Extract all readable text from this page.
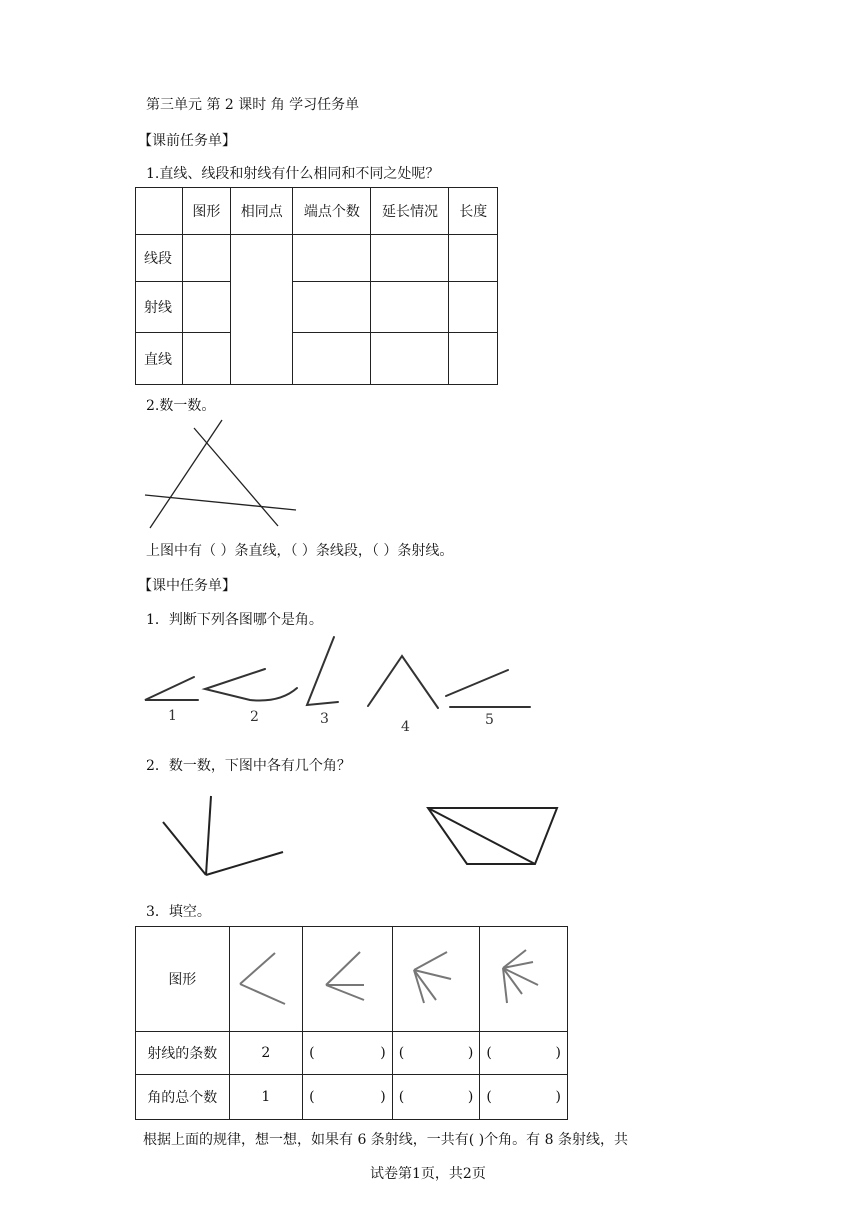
第三单元 第 2 课时 角 学习任务单
【课前任务单】
1.直线、线段和射线有什么相同和不同之处呢？
	图形	相同点	端点个数	延长情况	长度
线段					
射线					
直线					
2.数一数。
上图中有（ ）条直线，（ ）条线段，（ ）条射线。
【课中任务单】
1．判断下列各图哪个是角。
1	2	3	4	5
2．数一数，下图中各有几个角？
3．填空。
图形				
射线的条数	2	( )	( )	( )

角的总个数	1	( )	( )	( )
根据上面的规律，想一想，如果有 6 条射线，一共有( )个角。有 8 条射线，共
试卷第1页，共2页
